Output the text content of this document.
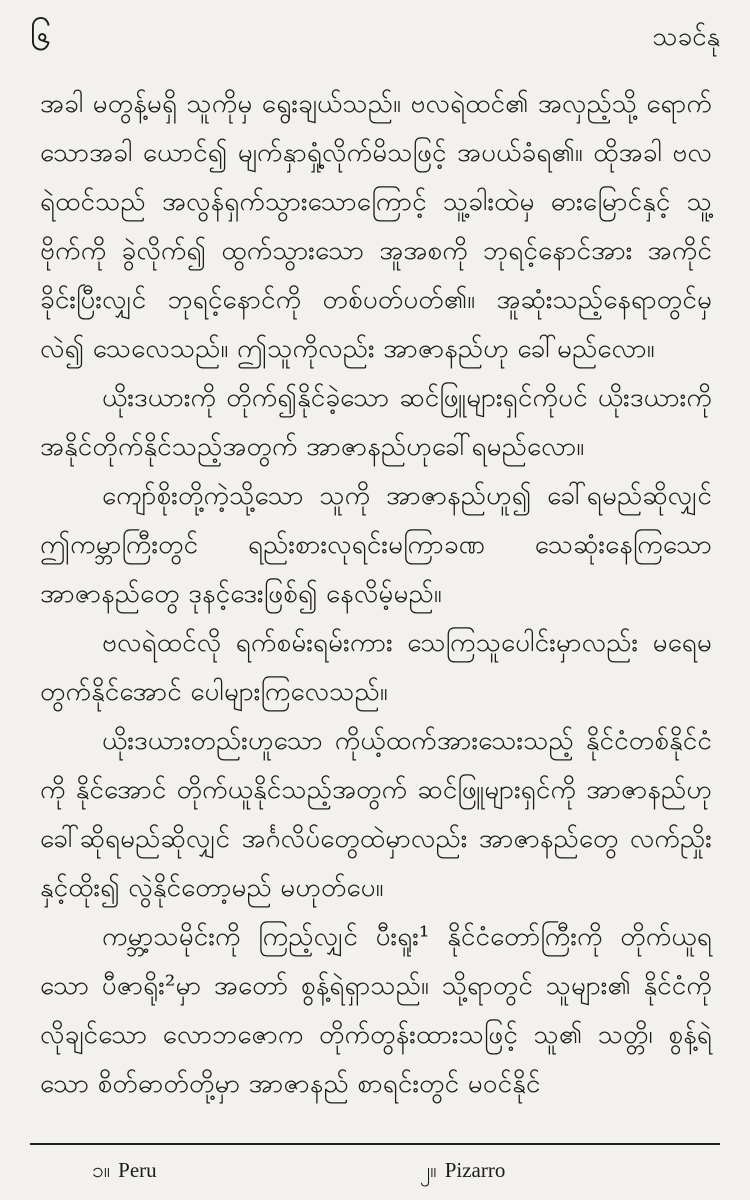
၆	သခင်နု

အခါ မတွန့်မရှိ သူကိုမှ ရွေးချယ်သည်။ ဗလရဲထင်၏ အလှည့်သို့ ရောက်သောအခါ ယောင်၍ မျက်နှာရှုံ့လိုက်မိသဖြင့် အပယ်ခံရ၏။ ထိုအခါ ဗလရဲထင်သည် အလွန်ရှက်သွားသောကြောင့် သူ့ခါးထဲမှ ဓားမြောင်နှင့် သူ့ဗိုက်ကို ခွဲလိုက်၍ ထွက်သွားသော အူအစကို ဘုရင့်နောင်အား အကိုင်ခိုင်းပြီးလျှင် ဘုရင့်နောင်ကို တစ်ပတ်ပတ်၏။ အူဆုံးသည့်နေရာတွင်မှလဲ၍ သေလေသည်။ ဤသူကိုလည်း အာဇာနည်ဟု ခေါ်မည်လော။

ယိုးဒယားကို တိုက်၍နိုင်ခဲ့သော ဆင်ဖြူများရှင်ကိုပင် ယိုးဒယားကို အနိုင်တိုက်နိုင်သည့်အတွက် အာဇာနည်ဟုခေါ်ရမည်လော။

ကျော်စိုးတို့ကဲ့သို့သော သူကို အာဇာနည်ဟူ၍ ခေါ်ရမည်ဆိုလျှင် ဤကမ္ဘာကြီးတွင် ရည်းစားလုရင်းမကြာခဏ သေဆုံးနေကြသော အာဇာနည်တွေ ဒုနင့်ဒေးဖြစ်၍ နေလိမ့်မည်။

ဗလရဲထင်လို ရက်စမ်းရမ်းကား သေကြသူပေါင်းမှာလည်း မရေမတွက်နိုင်အောင် ပေါများကြလေသည်။

ယိုးဒယားတည်းဟူသော ကိုယ့်ထက်အားသေးသည့် နိုင်ငံတစ်နိုင်ငံကို နိုင်အောင် တိုက်ယူနိုင်သည့်အတွက် ဆင်ဖြူများရှင်ကို အာဇာနည်ဟု ခေါ်ဆိုရမည်ဆိုလျှင် အင်္ဂလိပ်တွေထဲမှာလည်း အာဇာနည်တွေ လက်ညှိုးနှင့်ထိုး၍ လွဲနိုင်တော့မည် မဟုတ်ပေ။

ကမ္ဘာ့သမိုင်းကို ကြည့်လျှင် ပီးရူး¹ နိုင်ငံတော်ကြီးကို တိုက်ယူရသော ပီဇာရိုး²မှာ အတော် စွန့်ရဲရှာသည်။ သို့ရာတွင် သူများ၏ နိုင်ငံကို လိုချင်သော လောဘဇောက တိုက်တွန်းထားသဖြင့် သူ၏ သတ္တိ၊ စွန့်ရဲသော စိတ်ဓာတ်တို့မှာ အာဇာနည် စာရင်းတွင် မဝင်နိုင်

၁။ Peru	၂။ Pizarro
